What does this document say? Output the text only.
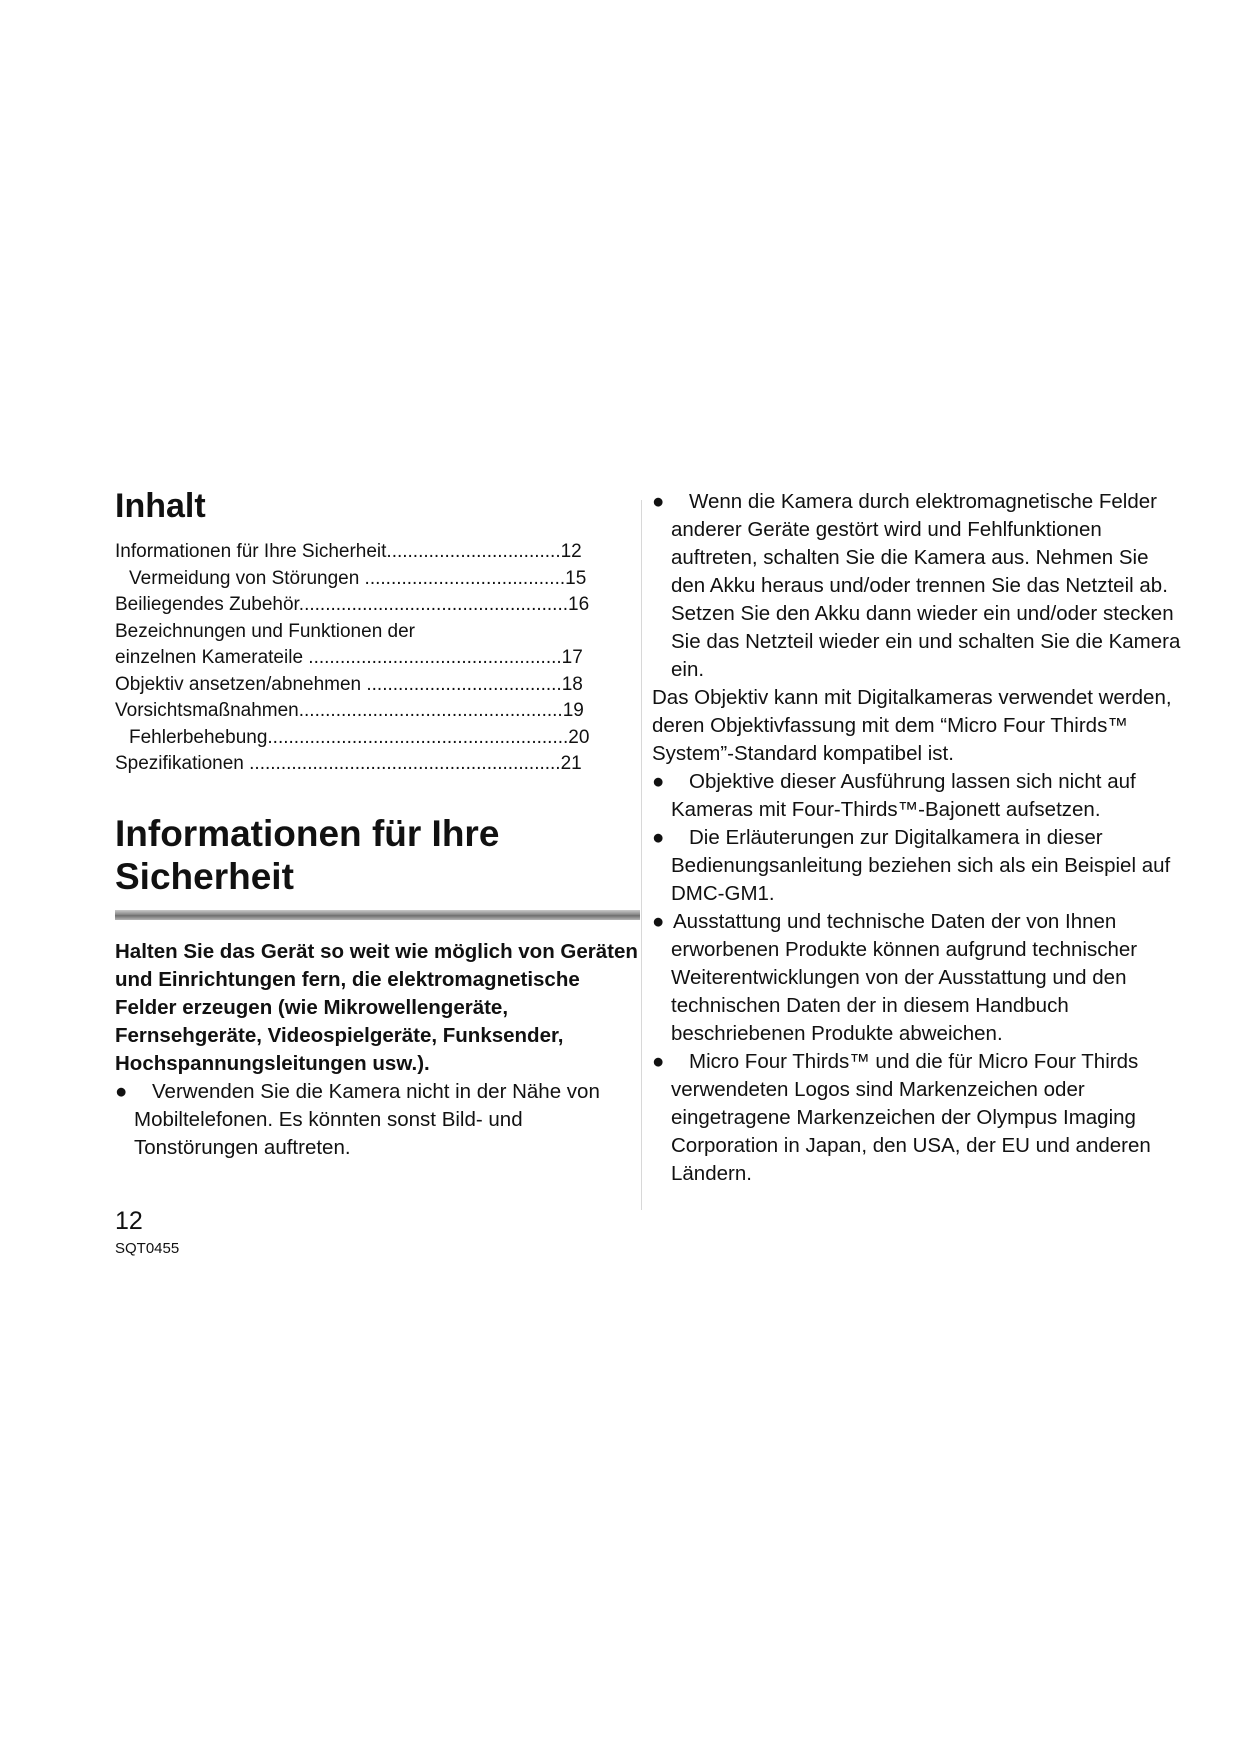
Inhalt
Informationen für Ihre Sicherheit.................................12
Vermeidung von Störungen ......................................15
Beiliegendes Zubehör...................................................16
Bezeichnungen und Funktionen der
einzelnen Kamerateile ................................................17
Objektiv ansetzen/abnehmen .....................................18
Vorsichtsmaßnahmen..................................................19
Fehlerbehebung.........................................................20
Spezifikationen ...........................................................21
Informationen für Ihre
Sicherheit

Halten Sie das Gerät so weit wie möglich von Geräten und Einrichtungen fern, die elektromagnetische Felder erzeugen (wie Mikrowellengeräte, Fernsehgeräte, Videospielgeräte, Funksender, Hochspannungsleitungen usw.).

● Verwenden Sie die Kamera nicht in der Nähe von Mobiltelefonen. Es könnten sonst Bild- und Tonstörungen auftreten.
● Wenn die Kamera durch elektromagnetische Felder anderer Geräte gestört wird und Fehlfunktionen auftreten, schalten Sie die Kamera aus. Nehmen Sie den Akku heraus und/oder trennen Sie das Netzteil ab. Setzen Sie den Akku dann wieder ein und/oder stecken Sie das Netzteil wieder ein und schalten Sie die Kamera ein.

Das Objektiv kann mit Digitalkameras verwendet werden, deren Objektivfassung mit dem “Micro Four Thirds™ System”-Standard kompatibel ist.

● Objektive dieser Ausführung lassen sich nicht auf Kameras mit Four-Thirds™-Bajonett aufsetzen.
● Die Erläuterungen zur Digitalkamera in dieser Bedienungsanleitung beziehen sich als ein Beispiel auf DMC-GM1.
● Ausstattung und technische Daten der von Ihnen erworbenen Produkte können aufgrund technischer Weiterentwicklungen von der Ausstattung und den technischen Daten der in diesem Handbuch beschriebenen Produkte abweichen.
● Micro Four Thirds™ und die für Micro Four Thirds verwendeten Logos sind Markenzeichen oder eingetragene Markenzeichen der Olympus Imaging Corporation in Japan, den USA, der EU und anderen Ländern.
12
SQT0455
